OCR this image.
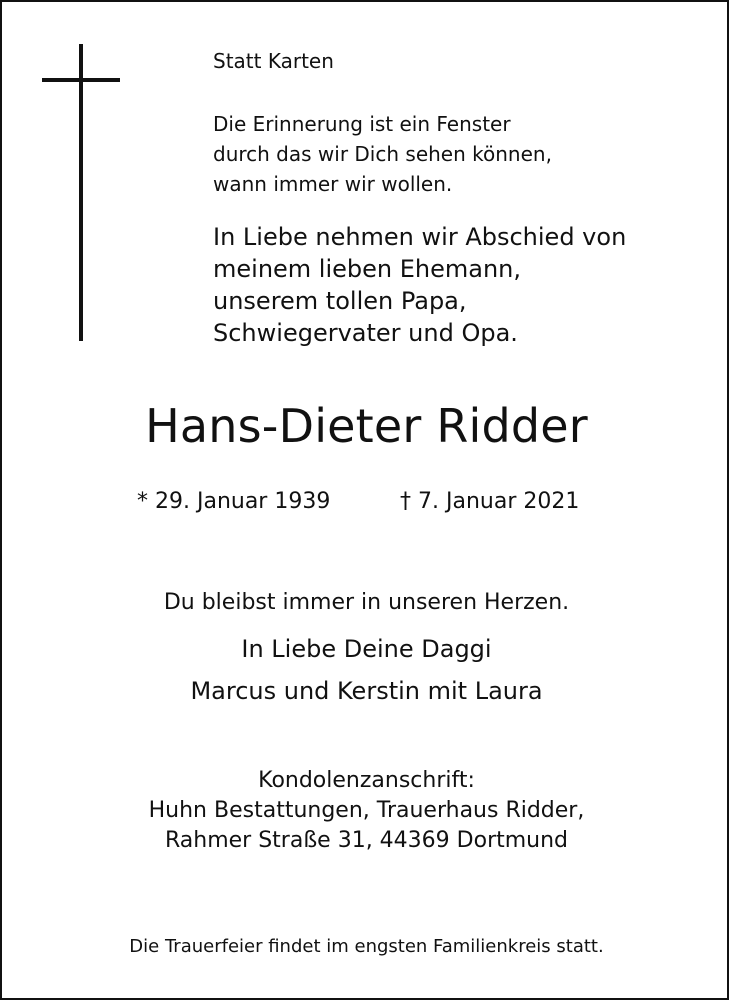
Statt Karten
Die Erinnerung ist ein Fenster
durch das wir Dich sehen können,
wann immer wir wollen.
In Liebe nehmen wir Abschied von
meinem lieben Ehemann,
unserem tollen Papa,
Schwiegervater und Opa.
Hans-Dieter Ridder
* 29. Januar 1939	† 7. Januar 2021
Du bleibst immer in unseren Herzen.
In Liebe Deine Daggi
Marcus und Kerstin mit Laura
Kondolenzanschrift:
Huhn Bestattungen, Trauerhaus Ridder,
Rahmer Straße 31, 44369 Dortmund
Die Trauerfeier findet im engsten Familienkreis statt.
